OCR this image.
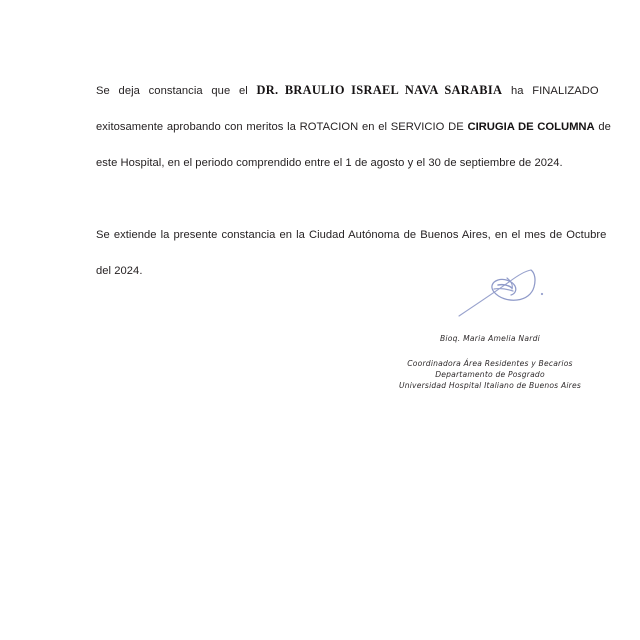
Se deja constancia que el DR. BRAULIO ISRAEL NAVA SARABIA ha FINALIZADO
exitosamente aprobando con meritos la ROTACION en el SERVICIO DE CIRUGIA DE COLUMNA de
este Hospital, en el periodo comprendido entre el 1 de agosto y el 30 de septiembre de 2024.
Se extiende la presente constancia en la Ciudad Autónoma de Buenos Aires, en el mes de Octubre
del 2024.
Bioq. Maria Amelia Nardi
Coordinadora Área Residentes y Becarios
Departamento de Posgrado
Universidad Hospital Italiano de Buenos Aires
